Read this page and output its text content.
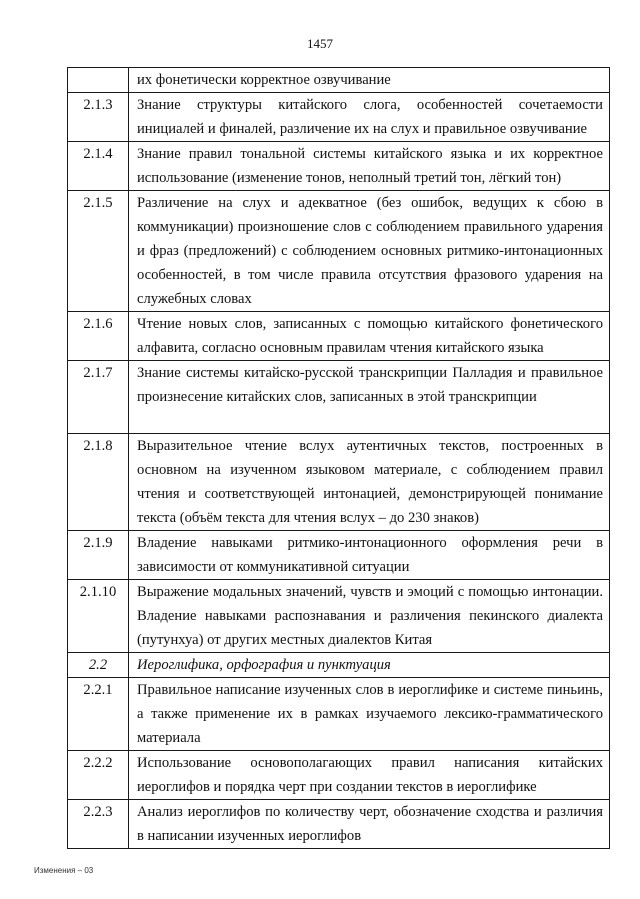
1457
	их фонетически корректное озвучивание
2.1.3	Знание структуры китайского слога, особенностей сочетаемости инициалей и финалей, различение их на слух и правильное озвучивание
2.1.4	Знание правил тональной системы китайского языка и их корректное использование (изменение тонов, неполный третий тон, лёгкий тон)
2.1.5	Различение на слух и адекватное (без ошибок, ведущих к сбою в коммуникации) произношение слов с соблюдением правильного ударения и фраз (предложений) с соблюдением основных ритмико-интонационных особенностей, в том числе правила отсутствия фразового ударения на служебных словах
2.1.6	Чтение новых слов, записанных с помощью китайского фонетического алфавита, согласно основным правилам чтения китайского языка
2.1.7	Знание системы китайско-русской транскрипции Палладия и правильное произнесение китайских слов, записанных в этой транскрипции
2.1.8	Выразительное чтение вслух аутентичных текстов, построенных в основном на изученном языковом материале, с соблюдением правил чтения и соответствующей интонацией, демонстрирующей понимание текста (объём текста для чтения вслух – до 230 знаков)
2.1.9	Владение навыками ритмико-интонационного оформления речи в зависимости от коммуникативной ситуации
2.1.10	Выражение модальных значений, чувств и эмоций с помощью интонации. Владение навыками распознавания и различения пекинского диалекта (путунхуа) от других местных диалектов Китая
2.2	Иероглифика, орфография и пунктуация
2.2.1	Правильное написание изученных слов в иероглифике и системе пиньинь, а также применение их в рамках изучаемого лексико-грамматического материала
2.2.2	Использование основополагающих правил написания китайских иероглифов и порядка черт при создании текстов в иероглифике
2.2.3	Анализ иероглифов по количеству черт, обозначение сходства и различия в написании изученных иероглифов
Изменения – 03
